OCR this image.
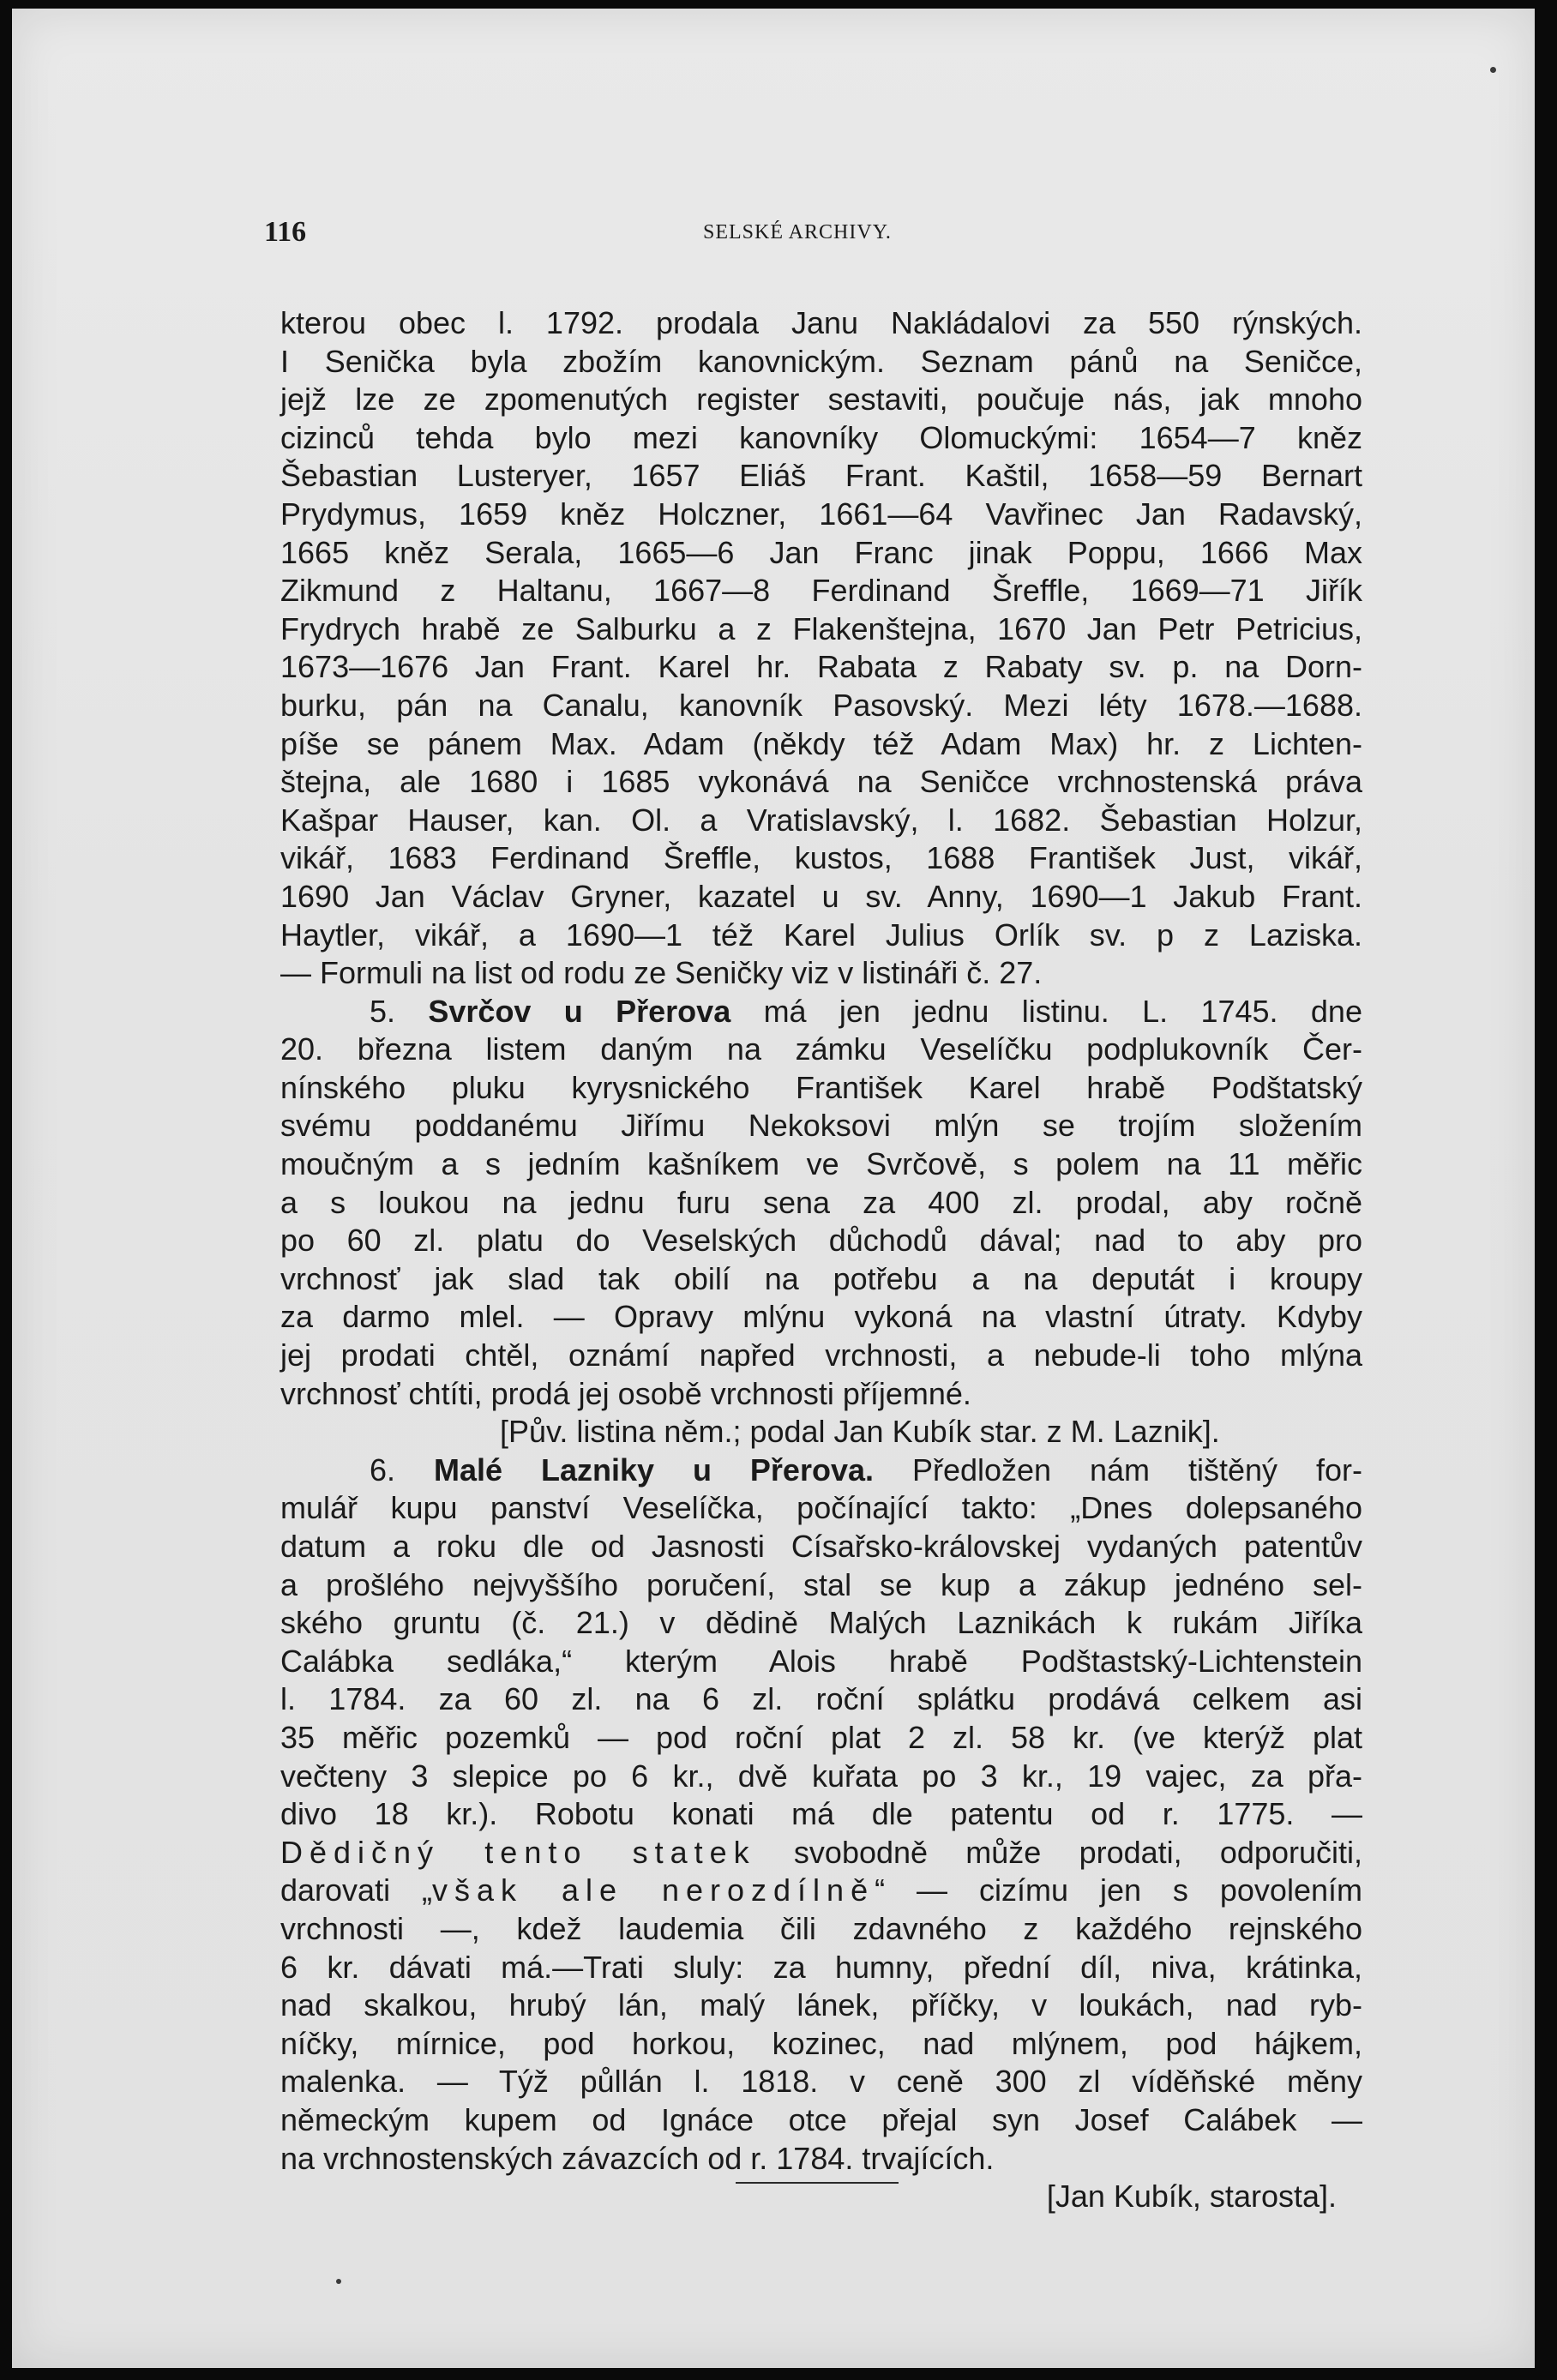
116	SELSKÉ ARCHIVY.
kterou obec l. 1792. prodala Janu Nakládalovi za 550 rýnských.
I Senička byla zbožím kanovnickým. Seznam pánů na Seničce,
jejž lze ze zpomenutých register sestaviti, poučuje nás, jak mnoho
cizinců tehda bylo mezi kanovníky Olomuckými: 1654—7 kněz
Šebastian Lusteryer, 1657 Eliáš Frant. Kaštil, 1658—59 Bernart
Prydymus, 1659 kněz Holczner, 1661—64 Vavřinec Jan Radavský,
1665 kněz Serala, 1665—6 Jan Franc jinak Poppu, 1666 Max
Zikmund z Haltanu, 1667—8 Ferdinand Šreffle, 1669—71 Jiřík
Frydrych hrabě ze Salburku a z Flakenštejna, 1670 Jan Petr Petricius,
1673—1676 Jan Frant. Karel hr. Rabata z Rabaty sv. p. na Dorn-
burku, pán na Canalu, kanovník Pasovský. Mezi léty 1678.—1688.
píše se pánem Max. Adam (někdy též Adam Max) hr. z Lichten-
štejna, ale 1680 i 1685 vykonává na Seničce vrchnostenská práva
Kašpar Hauser, kan. Ol. a Vratislavský, l. 1682. Šebastian Holzur,
vikář, 1683 Ferdinand Šreffle, kustos, 1688 František Just, vikář,
1690 Jan Václav Gryner, kazatel u sv. Anny, 1690—1 Jakub Frant.
Haytler, vikář, a 1690—1 též Karel Julius Orlík sv. p z Laziska.
— Formuli na list od rodu ze Seničky viz v listináři č. 27.
5. Svrčov u Přerova má jen jednu listinu. L. 1745. dne
20. března listem daným na zámku Veselíčku podplukovník Čer-
nínského pluku kyrysnického František Karel hrabě Podštatský
svému poddanému Jiřímu Nekoksovi mlýn se trojím složením
moučným a s jedním kašníkem ve Svrčově, s polem na 11 měřic
a s loukou na jednu furu sena za 400 zl. prodal, aby ročně
po 60 zl. platu do Veselských důchodů dával; nad to aby pro
vrchnosť jak slad tak obilí na potřebu a na deputát i kroupy
za darmo mlel. — Opravy mlýnu vykoná na vlastní útraty. Kdyby
jej prodati chtěl, oznámí napřed vrchnosti, a nebude-li toho mlýna
vrchnosť chtíti, prodá jej osobě vrchnosti příjemné.
[Pův. listina něm.; podal Jan Kubík star. z M. Laznik].
6. Malé Lazniky u Přerova. Předložen nám tištěný for-
mulář kupu panství Veselíčka, počínající takto: „Dnes dolepsaného
datum a roku dle od Jasnosti Císařsko-královskej vydaných patentův
a prošlého nejvyššího poručení, stal se kup a zákup jednéno sel-
ského gruntu (č. 21.) v dědině Malých Laznikách k rukám Jiříka
Calábka sedláka,“ kterým Alois hrabě Podštastský-Lichtenstein
l. 1784. za 60 zl. na 6 zl. roční splátku prodává celkem asi
35 měřic pozemků — pod roční plat 2 zl. 58 kr. (ve kterýž plat
večteny 3 slepice po 6 kr., dvě kuřata po 3 kr., 19 vajec, za přa-
divo 18 kr.). Robotu konati má dle patentu od r. 1775. —
Dědičný tento statek svobodně může prodati, odporučiti,
darovati „však ale nerozdílně“ — cizímu jen s povolením
vrchnosti —, kdež laudemia čili zdavného z každého rejnského
6 kr. dávati má.—Trati sluly: za humny, přední díl, niva, krátinka,
nad skalkou, hrubý lán, malý lánek, příčky, v loukách, nad ryb-
níčky, mírnice, pod horkou, kozinec, nad mlýnem, pod hájkem,
malenka. — Týž půllán l. 1818. v ceně 300 zl víděňské měny
německým kupem od Ignáce otce přejal syn Josef Calábek —
na vrchnostenských závazcích od r. 1784. trvajících.
[Jan Kubík, starosta].
